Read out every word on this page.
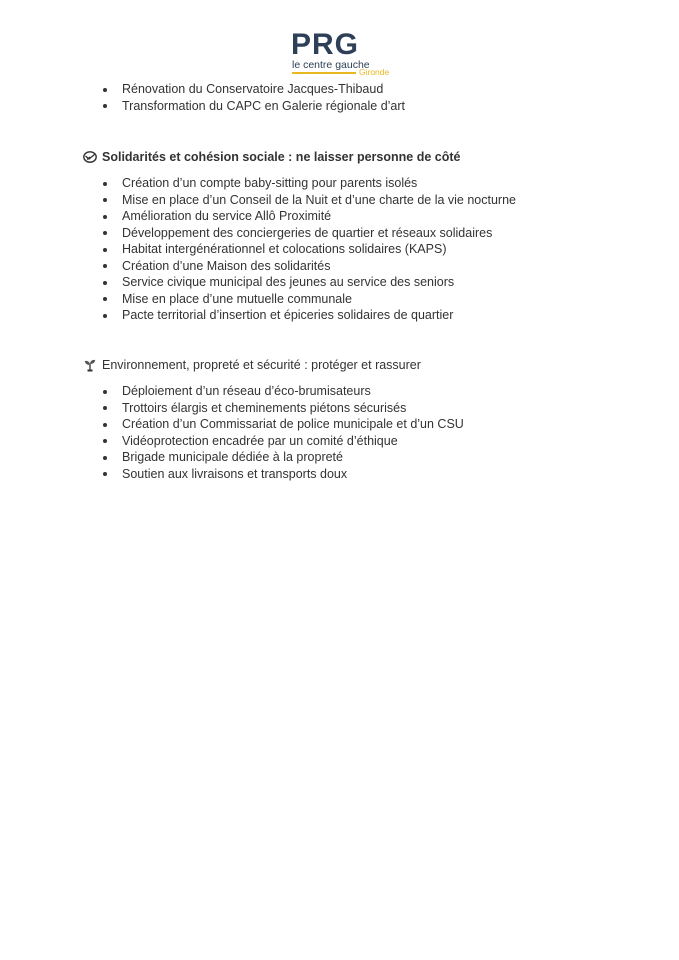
PRG
le centre gauche
Gironde
Rénovation du Conservatoire Jacques-Thibaud
Transformation du CAPC en Galerie régionale d’art
Solidarités et cohésion sociale : ne laisser personne de côté
Création d’un compte baby-sitting pour parents isolés
Mise en place d’un Conseil de la Nuit et d’une charte de la vie nocturne
Amélioration du service Allô Proximité
Développement des conciergeries de quartier et réseaux solidaires
Habitat intergénérationnel et colocations solidaires (KAPS)
Création d’une Maison des solidarités
Service civique municipal des jeunes au service des seniors
Mise en place d’une mutuelle communale
Pacte territorial d’insertion et épiceries solidaires de quartier
Environnement, propreté et sécurité : protéger et rassurer
Déploiement d’un réseau d’éco-brumisateurs
Trottoirs élargis et cheminements piétons sécurisés
Création d’un Commissariat de police municipale et d’un CSU
Vidéoprotection encadrée par un comité d’éthique
Brigade municipale dédiée à la propreté
Soutien aux livraisons et transports doux
